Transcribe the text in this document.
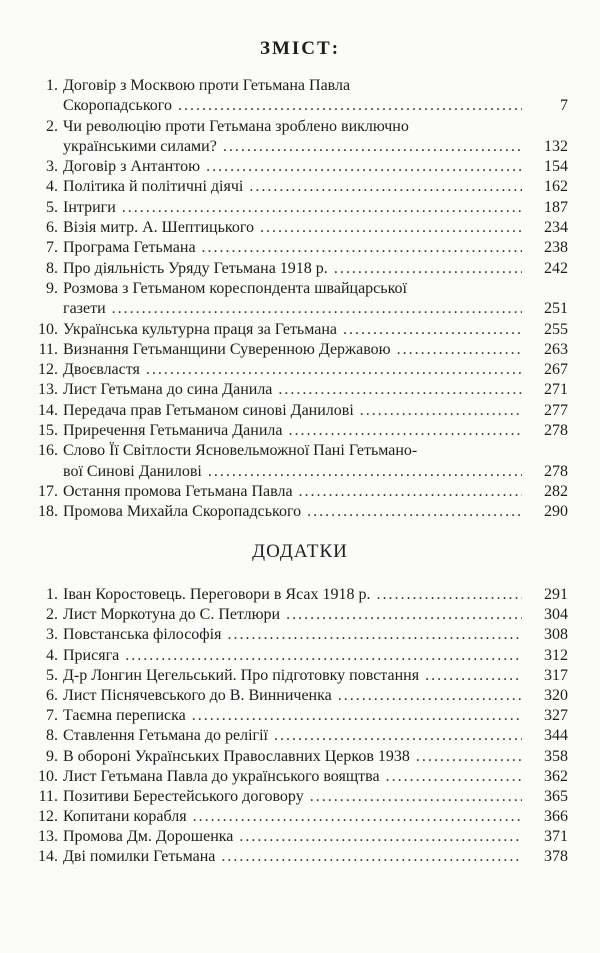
ЗМІСТ:
1. Договір з Москвою проти Гетьмана Павла
Скоропадського .....	7
2. Чи революцію проти Гетьмана зроблено виключно
українськими силами? .....	132
3. Договір з Антантою .....	154
4. Політика й політичні діячі .....	162
5. Інтриги .....	187
6. Візія митр. А. Шептицького .....	234
7. Програма Гетьмана .....	238
8. Про діяльність Уряду Гетьмана 1918 р. .....	242
9. Розмова з Гетьманом кореспондента швайцарської
газети .....	251
10. Українська культурна праця за Гетьмана .....	255
11. Визнання Гетьманщини Суверенною Державою .....	263
12. Двоєвластя .....	267
13. Лист Гетьмана до сина Данила .....	271
14. Передача прав Гетьманом синові Данилові .....	277
15. Приречення Гетьманича Данила .....	278
16. Слово Її Світлости Ясновельможної Пані Гетьмано-
вої Синові Данилові .....	278
17. Остання промова Гетьмана Павла .....	282
18. Промова Михайла Скоропадського .....	290
ДОДАТКИ
1. Іван Коростовець. Переговори в Ясах 1918 р. .....	291
2. Лист Моркотуна до С. Петлюри .....	304
3. Повстанська філософія .....	308
4. Присяга .....	312
5. Д-р Лонгин Цегельський. Про підготовку повстання .....	317
6. Лист Піснячевського до В. Винниченка .....	320
7. Таємна переписка .....	327
8. Ставлення Гетьмана до релігії .....	344
9. В обороні Українських Православних Церков 1938 .....	358
10. Лист Гетьмана Павла до українського воящтва .....	362
11. Позитиви Берестейського договору .....	365
12. Копитани корабля .....	366
13. Промова Дм. Дорошенка .....	371
14. Дві помилки Гетьмана .....	378
